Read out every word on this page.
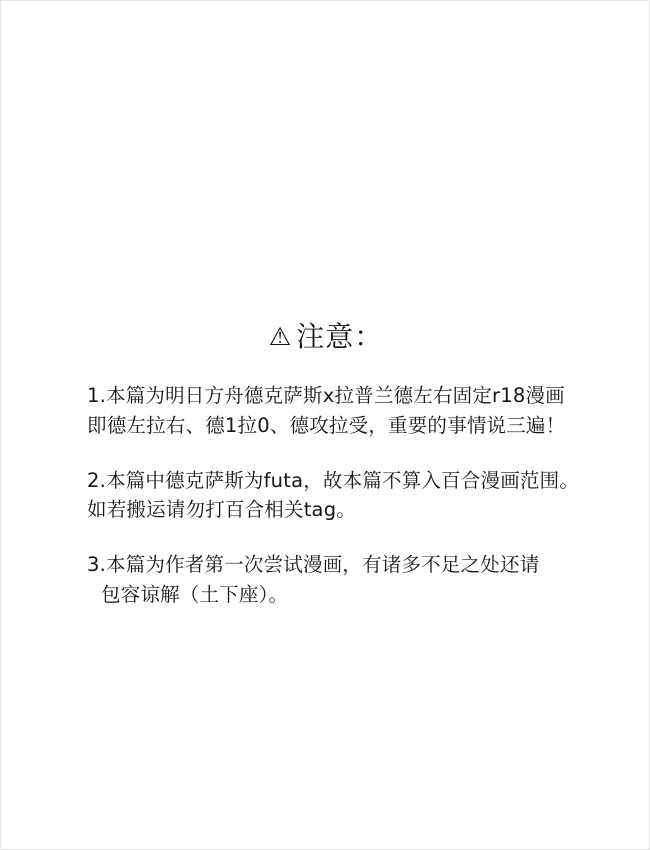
⚠ 注意：
1.本篇为明日方舟德克萨斯x拉普兰德左右固定r18漫画
即德左拉右、德1拉0、德攻拉受，重要的事情说三遍！
2.本篇中德克萨斯为futa，故本篇不算入百合漫画范围。
如若搬运请勿打百合相关tag。
3.本篇为作者第一次尝试漫画，有诸多不足之处还请
包容谅解（土下座）。
